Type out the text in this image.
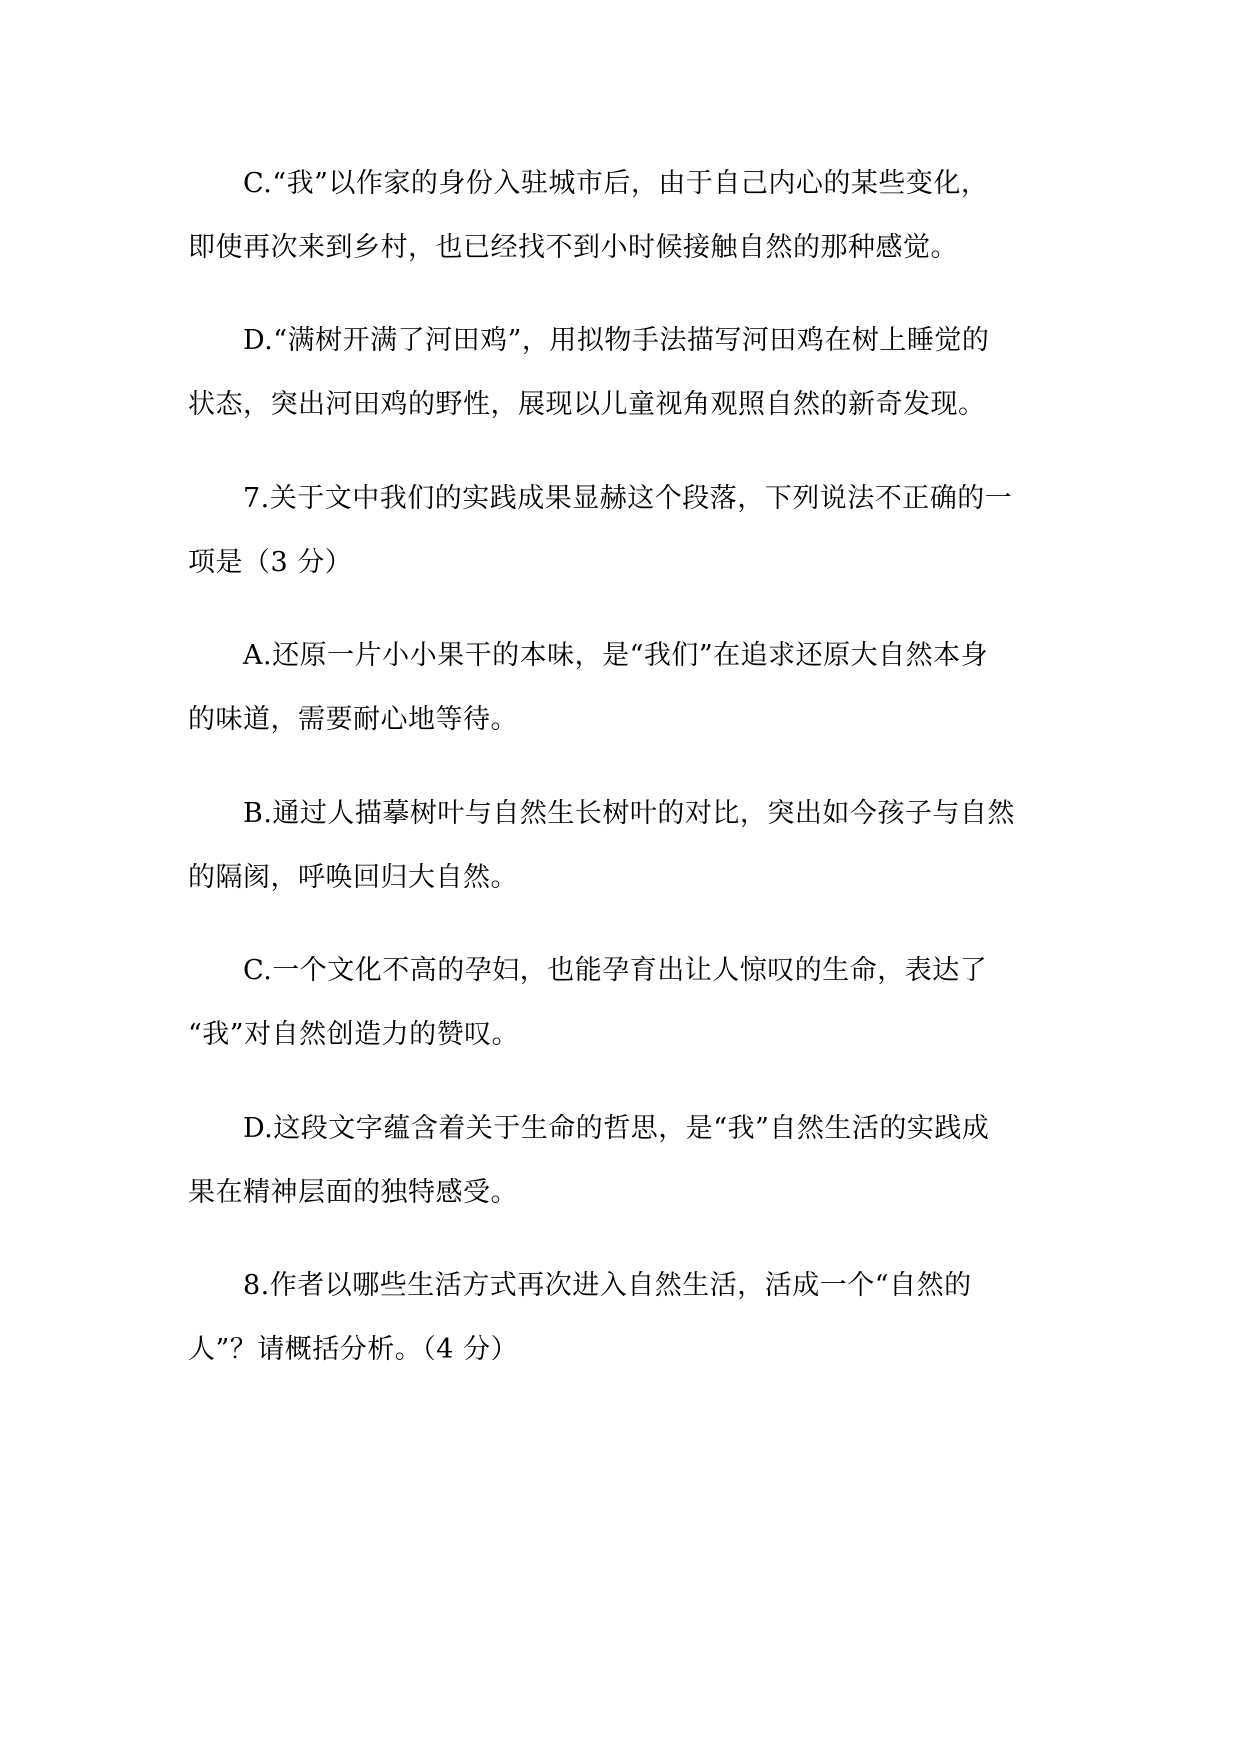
C.“我”以作家的身份入驻城市后，由于自己内心的某些变化，

即使再次来到乡村，也已经找不到小时候接触自然的那种感觉。

D.“满树开满了河田鸡”，用拟物手法描写河田鸡在树上睡觉的

状态，突出河田鸡的野性，展现以儿童视角观照自然的新奇发现。

7.关于文中我们的实践成果显赫这个段落，下列说法不正确的一

项是（3 分）

A.还原一片小小果干的本味，是“我们”在追求还原大自然本身

的味道，需要耐心地等待。

B.通过人描摹树叶与自然生长树叶的对比，突出如今孩子与自然

的隔阂，呼唤回归大自然。

C.一个文化不高的孕妇，也能孕育出让人惊叹的生命，表达了

“我”对自然创造力的赞叹。

D.这段文字蕴含着关于生命的哲思，是“我”自然生活的实践成

果在精神层面的独特感受。

8.作者以哪些生活方式再次进入自然生活，活成一个“自然的

人”？请概括分析。（4 分）
